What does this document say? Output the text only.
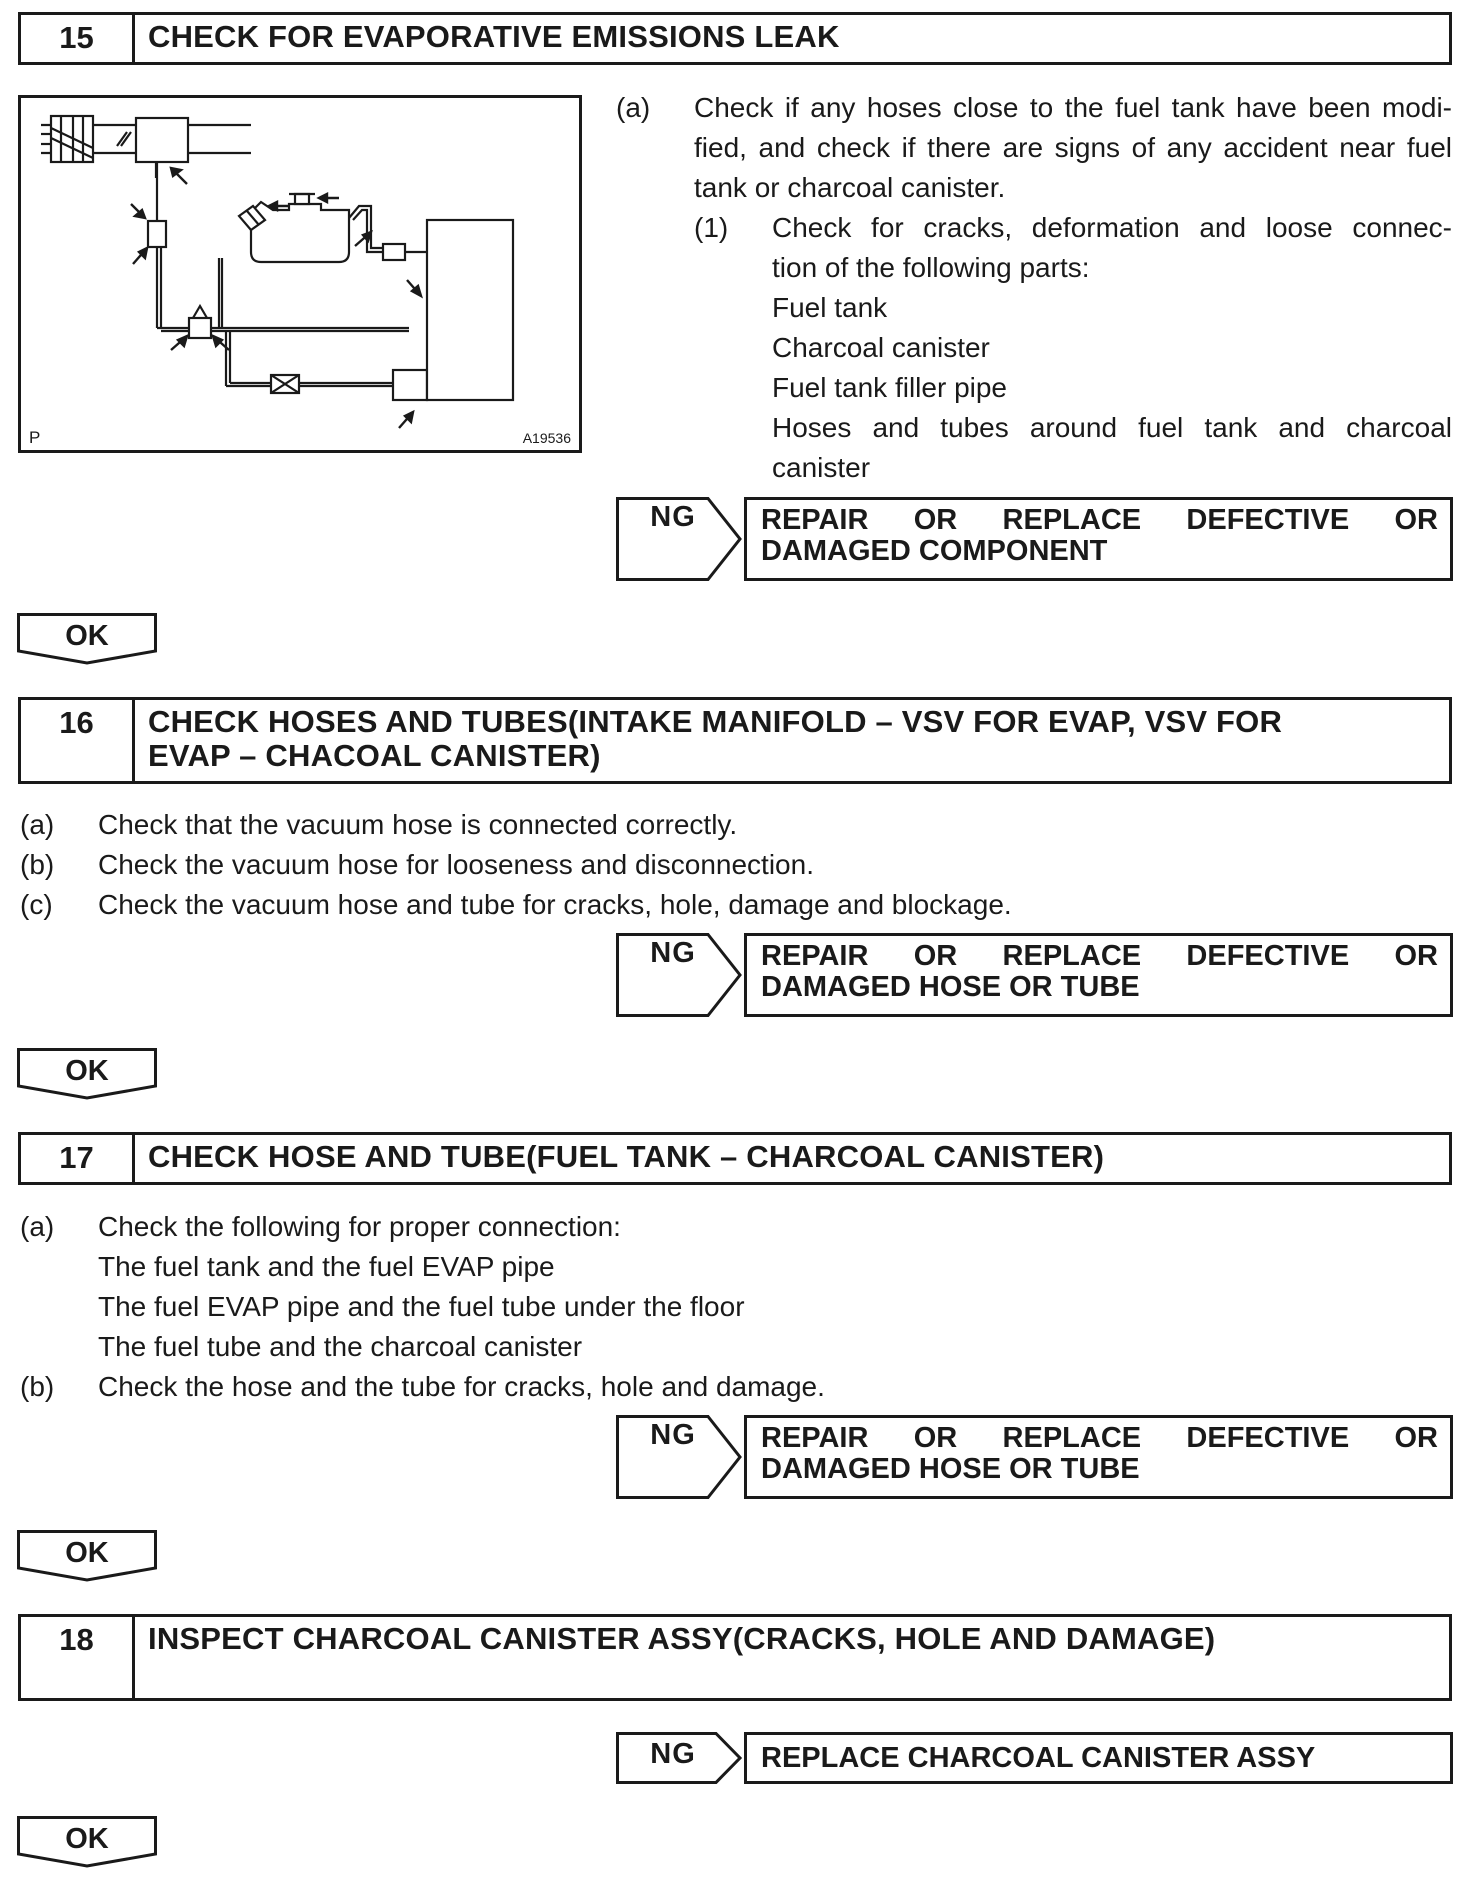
15	CHECK FOR EVAPORATIVE EMISSIONS LEAK
P	A19536
(a) Check if any hoses close to the fuel tank have been modi-
fied, and check if there are signs of any accident near fuel
tank or charcoal canister.
(1) Check for cracks, deformation and loose connec-
tion of the following parts:
Fuel tank
Charcoal canister
Fuel tank filler pipe
Hoses and tubes around fuel tank and charcoal
canister
NG	REPAIR OR REPLACE DEFECTIVE OR
DAMAGED COMPONENT
OK
16	CHECK HOSES AND TUBES(INTAKE MANIFOLD – VSV FOR EVAP, VSV FOR
EVAP – CHACOAL CANISTER)
(a) Check that the vacuum hose is connected correctly.
(b) Check the vacuum hose for looseness and disconnection.
(c) Check the vacuum hose and tube for cracks, hole, damage and blockage.
NG	REPAIR OR REPLACE DEFECTIVE OR
DAMAGED HOSE OR TUBE
OK
17	CHECK HOSE AND TUBE(FUEL TANK – CHARCOAL CANISTER)
(a) Check the following for proper connection:
The fuel tank and the fuel EVAP pipe
The fuel EVAP pipe and the fuel tube under the floor
The fuel tube and the charcoal canister
(b) Check the hose and the tube for cracks, hole and damage.
NG	REPAIR OR REPLACE DEFECTIVE OR
DAMAGED HOSE OR TUBE
OK
18	INSPECT CHARCOAL CANISTER ASSY(CRACKS, HOLE AND DAMAGE)
NG	REPLACE CHARCOAL CANISTER ASSY
OK
